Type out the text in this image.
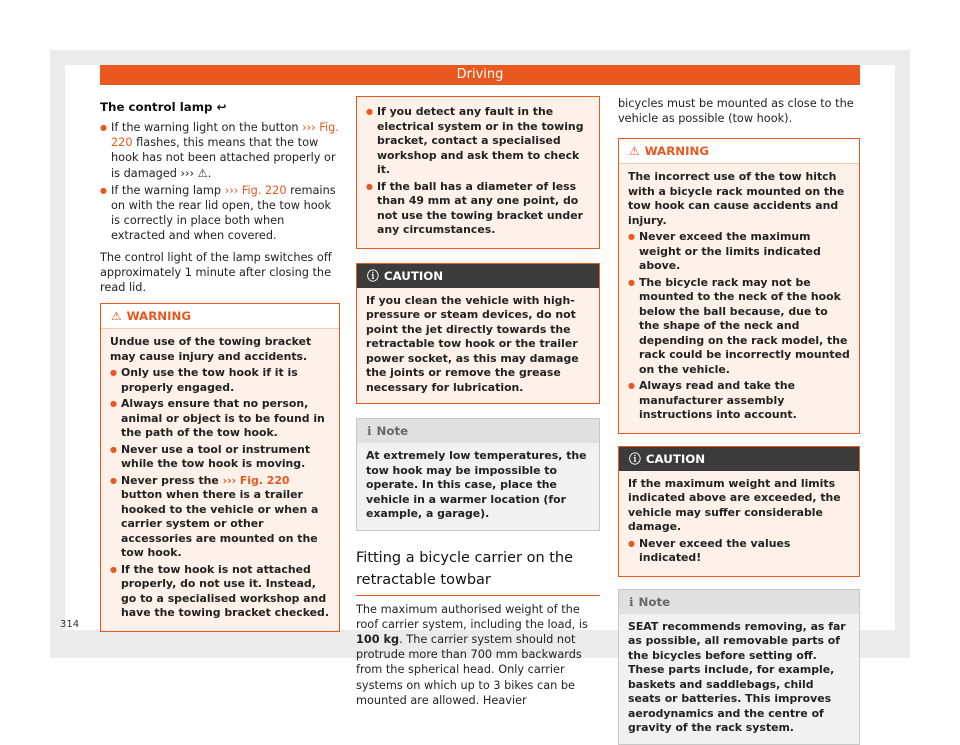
Driving
The control lamp ↩

● If the warning light on the button ››› Fig. 220 flashes, this means that the tow hook has not been attached properly or is damaged ››› ⚠.

● If the warning lamp ››› Fig. 220 remains on with the rear lid open, the tow hook is correctly in place both when extracted and when covered.

The control light of the lamp switches off approximately 1 minute after closing the read lid.

⚠ WARNING

Undue use of the towing bracket may cause injury and accidents.

● Only use the tow hook if it is properly engaged.

● Always ensure that no person, animal or object is to be found in the path of the tow hook.

● Never use a tool or instrument while the tow hook is moving.

● Never press the ››› Fig. 220 button when there is a trailer hooked to the vehicle or when a carrier system or other accessories are mounted on the tow hook.

● If the tow hook is not attached properly, do not use it. Instead, go to a specialised workshop and have the towing bracket checked.

● If you detect any fault in the electrical system or in the towing bracket, contact a specialised workshop and ask them to check it.

● If the ball has a diameter of less than 49 mm at any one point, do not use the towing bracket under any circumstances.

ⓘ CAUTION

If you clean the vehicle with high-pressure or steam devices, do not point the jet directly towards the retractable tow hook or the trailer power socket, as this may damage the joints or remove the grease necessary for lubrication.

ℹ Note

At extremely low temperatures, the tow hook may be impossible to operate. In this case, place the vehicle in a warmer location (for example, a garage).

Fitting a bicycle carrier on the retractable towbar

The maximum authorised weight of the roof carrier system, including the load, is 100 kg. The carrier system should not protrude more than 700 mm backwards from the spherical head. Only carrier systems on which up to 3 bikes can be mounted are allowed. Heavier

bicycles must be mounted as close to the vehicle as possible (tow hook).

⚠ WARNING

The incorrect use of the tow hitch with a bicycle rack mounted on the tow hook can cause accidents and injury.

● Never exceed the maximum weight or the limits indicated above.

● The bicycle rack may not be mounted to the neck of the hook below the ball because, due to the shape of the neck and depending on the rack model, the rack could be incorrectly mounted on the vehicle.

● Always read and take the manufacturer assembly instructions into account.

ⓘ CAUTION

If the maximum weight and limits indicated above are exceeded, the vehicle may suffer considerable damage.

● Never exceed the values indicated!

ℹ Note

SEAT recommends removing, as far as possible, all removable parts of the bicycles before setting off. These parts include, for example, baskets and saddlebags, child seats or batteries. This improves aerodynamics and the centre of gravity of the rack system.

314
